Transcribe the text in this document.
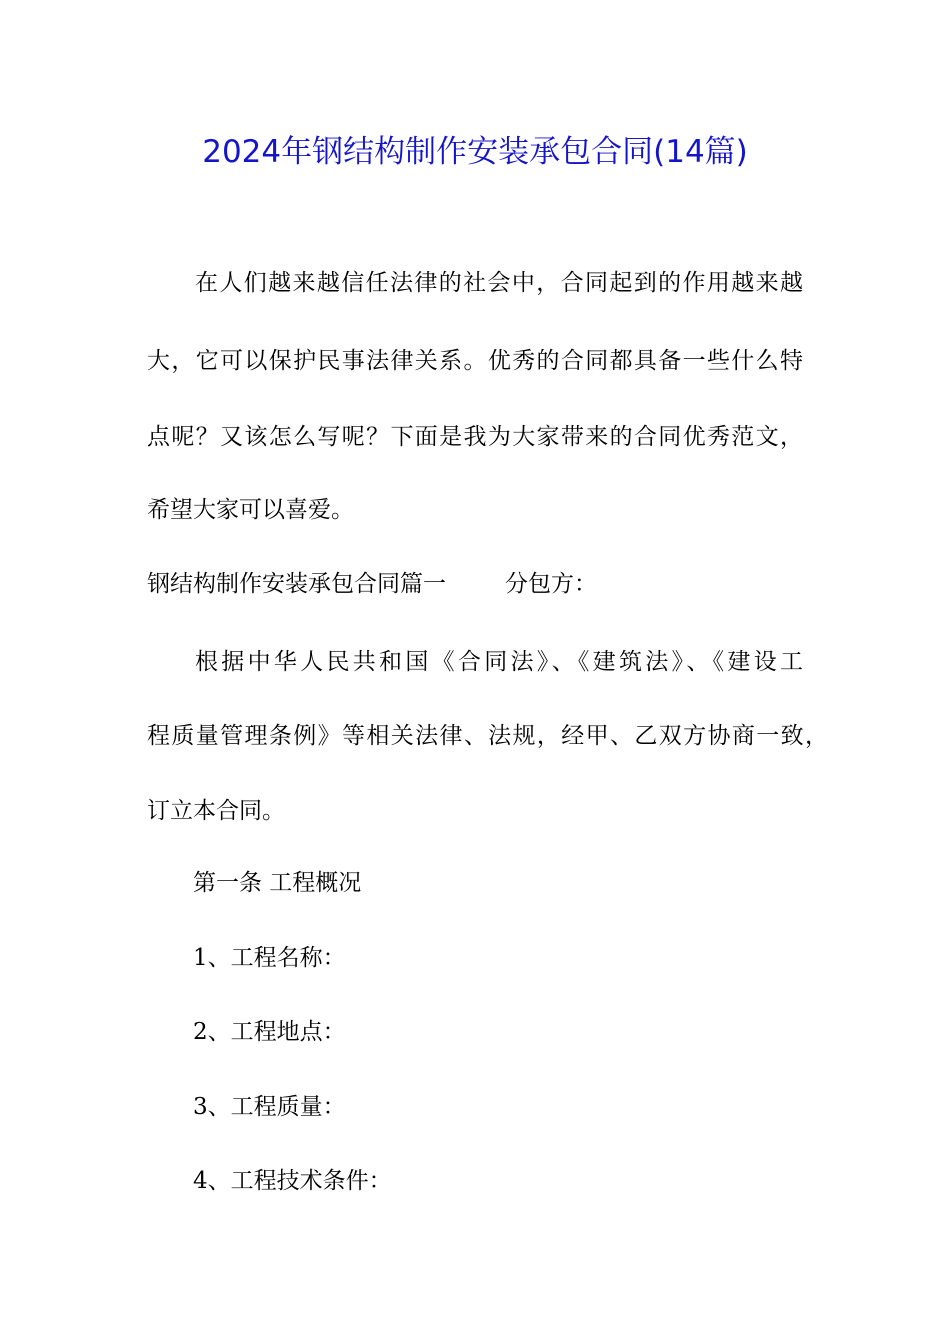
2024年钢结构制作安装承包合同(14篇)
在人们越来越信任法律的社会中，合同起到的作用越来越
大，它可以保护民事法律关系。优秀的合同都具备一些什么特
点呢？又该怎么写呢？下面是我为大家带来的合同优秀范文，
希望大家可以喜爱。
钢结构制作安装承包合同篇一	分包方：
根据中华人民共和国《合同法》、《建筑法》、《建设工
程质量管理条例》等相关法律、法规，经甲、乙双方协商一致，
订立本合同。
第一条 工程概况
1、工程名称：
2、工程地点：
3、工程质量：
4、工程技术条件：
